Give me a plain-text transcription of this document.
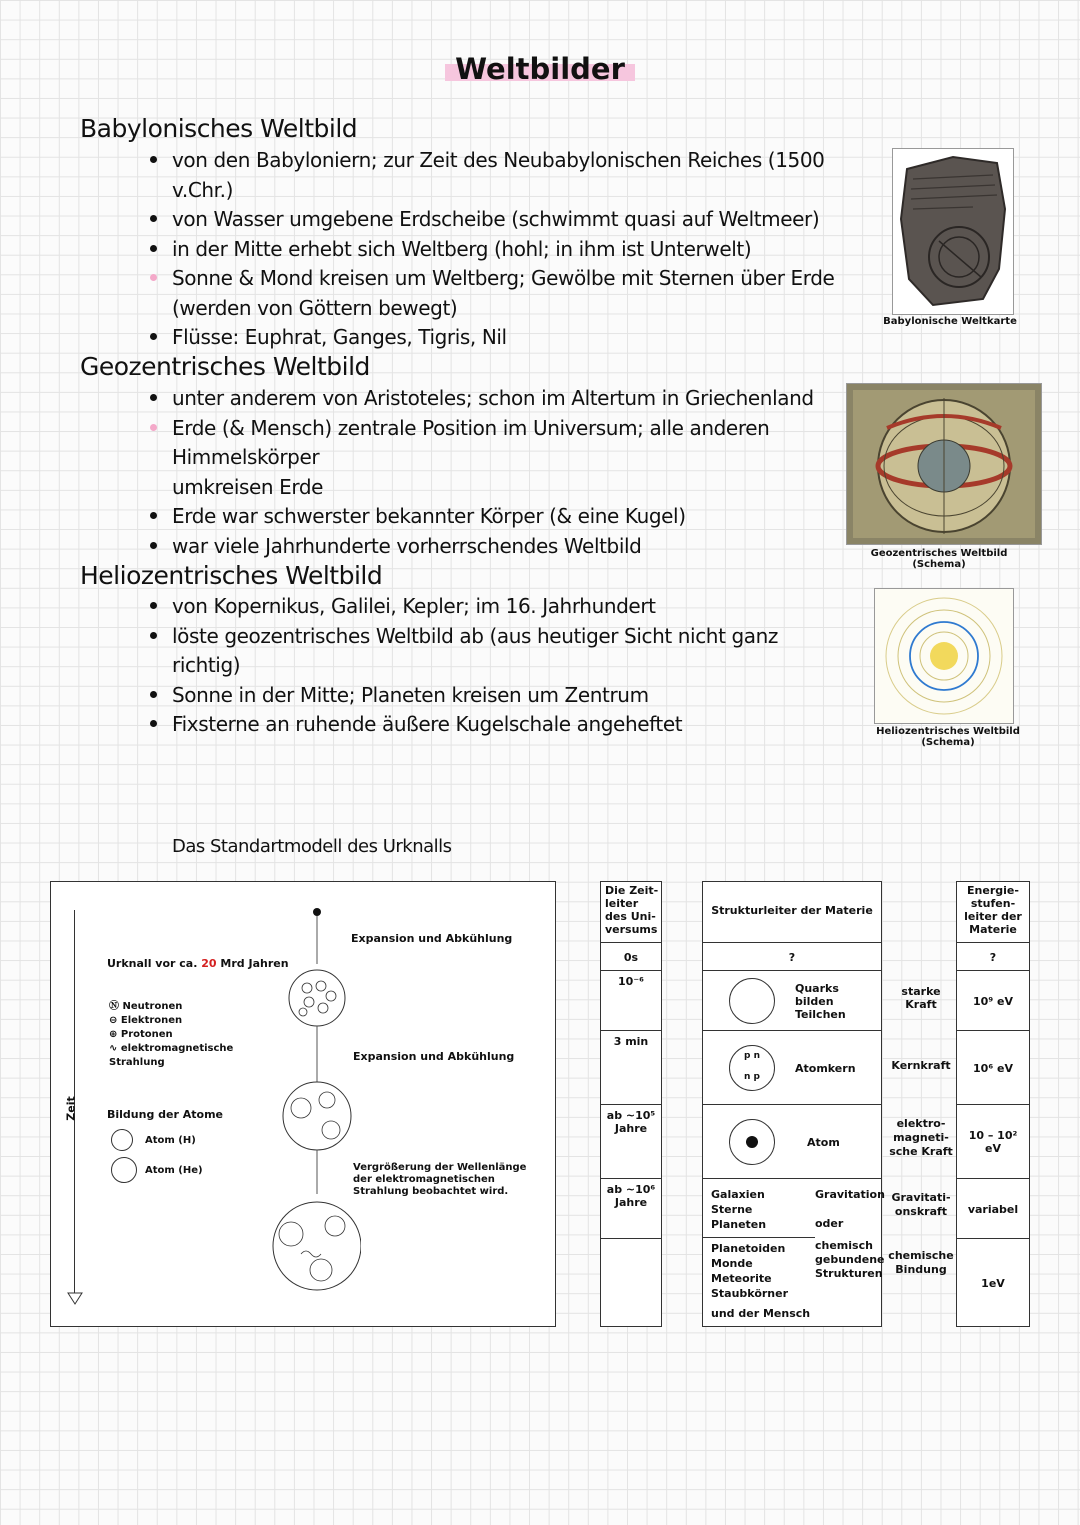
Weltbilder
Babylonisches Weltbild
von den Babyloniern; zur Zeit des Neubabylonischen Reiches (1500 v.Chr.)
von Wasser umgebene Erdscheibe (schwimmt quasi auf Weltmeer)
in der Mitte erhebt sich Weltberg (hohl; in ihm ist Unterwelt)
Sonne & Mond kreisen um Weltberg; Gewölbe mit Sternen über Erde
(werden von Göttern bewegt)
Flüsse: Euphrat, Ganges, Tigris, Nil
Babylonische Weltkarte
Geozentrisches Weltbild
unter anderem von Aristoteles; schon im Altertum in Griechenland
Erde (& Mensch) zentrale Position im Universum; alle anderen Himmelskörper
umkreisen Erde
Erde war schwerster bekannter Körper (& eine Kugel)
war viele Jahrhunderte vorherrschendes Weltbild	Geozentrisches Weltbild (Schema)
Heliozentrisches Weltbild
von Kopernikus, Galilei, Kepler; im 16. Jahrhundert
löste geozentrisches Weltbild ab (aus heutiger Sicht nicht ganz richtig)
Sonne in der Mitte; Planeten kreisen um Zentrum
Fixsterne an ruhende äußere Kugelschale angeheftet	Heliozentrisches Weltbild (Schema)
Das Standartmodell des Urknalls
Zeit
Urknall vor ca. 20 Mrd Jahren
Ⓝ Neutronen
⊖ Elektronen
⊕ Protonen
∿ elektromagnetische Strahlung
Bildung der Atome
Atom (H)
Atom (He)
Expansion und Abkühlung
Expansion und Abkühlung
Vergrößerung der Wellenlänge der elektromagnetischen Strahlung beobachtet wird.
Die Zeit-leiter des Uni-versums
0s
10⁻⁶
3 min
ab ~10⁵ Jahre
ab ~10⁶ Jahre
Strukturleiter der Materie
?
Quarks bilden Teilchen
p n
n p
Atomkern
Atom
Galaxien
Sterne
Planeten
Planetoiden
Monde
Meteorite
Staubkörner
und der Mensch
Gravitation
oder
chemisch gebundene Strukturen
starke Kraft
Kernkraft
elektro-magneti-sche Kraft
Gravitati-onskraft
chemische Bindung
Energie-stufen-leiter der Materie
?
10⁹ eV
10⁶ eV
10 – 10² eV
variabel
1eV
